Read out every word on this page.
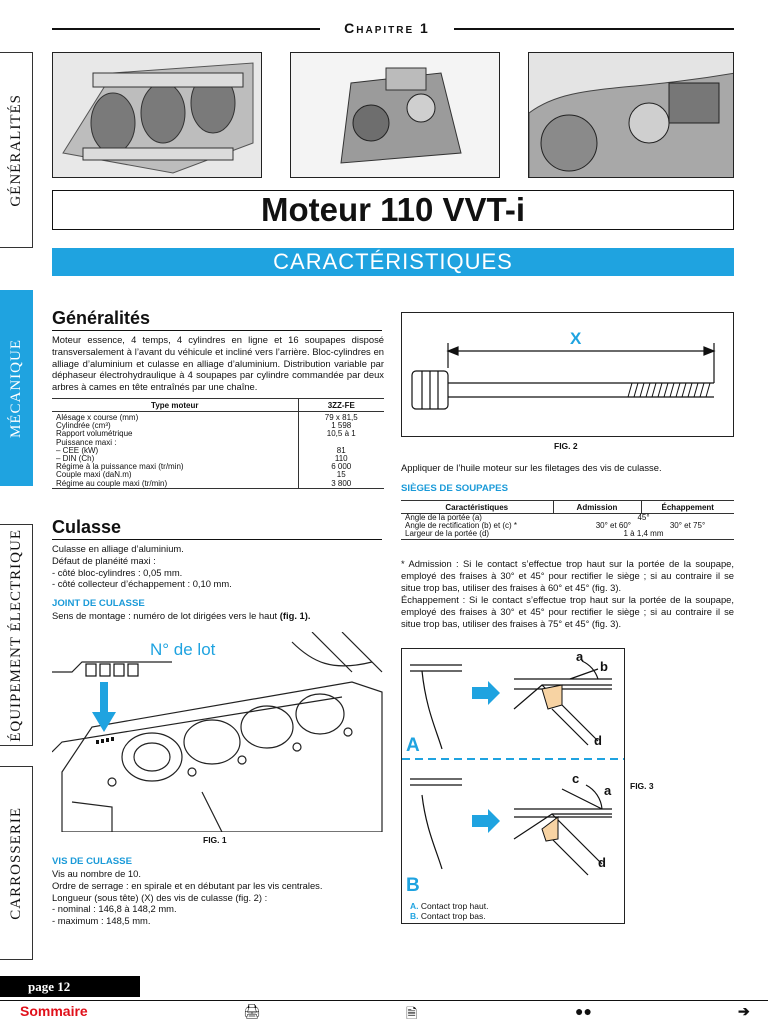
Chapitre 1
GÉNÉRALITÉS
MÉCANIQUE
ÉQUIPEMENT ÉLECTRIQUE
CARROSSERIE
Moteur 110 VVT-i
CARACTÉRISTIQUES
Généralités
Moteur essence, 4 temps, 4 cylindres en ligne et 16 soupapes disposé transversalement à l’avant du véhicule et incliné vers l’arrière. Bloc-cylindres en alliage d’aluminium et culasse en alliage d’aluminium. Distribution variable par déphaseur électrohydraulique à 4 soupapes par cylindre commandée par deux arbres à cames en tête entraînés par une chaîne.
Type moteur	3ZZ-FE
Alésage x course (mm)	79 x 81,5
Cylindrée (cm³)	1 598
Rapport volumétrique	10,5 à 1
Puissance maxi :	
– CEE (kW)	81
– DIN (Ch)	110
Régime à la puissance maxi (tr/min)	6 000
Couple maxi (daN.m)	15
Régime au couple maxi (tr/min)	3 800
Culasse
Culasse en alliage d’aluminium.
Défaut de planéité maxi :
- côté bloc-cylindres : 0,05 mm.
- côté collecteur d’échappement : 0,10 mm.
JOINT DE CULASSE
Sens de montage : numéro de lot dirigées vers le haut (fig. 1).
N° de lot
FIG. 1
VIS DE CULASSE
Vis au nombre de 10.
Ordre de serrage : en spirale et en débutant par les vis centrales.
Longueur (sous tête) (X) des vis de culasse (fig. 2) :
- nominal : 146,8 à 148,2 mm.
- maximum : 148,5 mm.
X
FIG. 2
Appliquer de l’huile moteur sur les filetages des vis de culasse.
SIÈGES DE SOUPAPES
Caractéristiques	Admission	Échappement
Angle de la portée (a)	45°	
Angle de rectification (b) et (c) *	30° et 60°	30° et 75°
Largeur de la portée (d)	1 à 1,4 mm	
* Admission : Si le contact s’effectue trop haut sur la portée de la soupape, employé des fraises à 30° et 45° pour rectifier le siège ; si au contraire il se situe trop bas, utiliser des fraises à 60° et 45° (fig. 3).
Échappement : Si le contact s’effectue trop haut sur la portée de la soupape, employé des fraises à 30° et 45° pour rectifier le siège ; si au contraire il se situe trop bas, utiliser des fraises à 75° et 45° (fig. 3).
A
B
a
b
d
c
a
d
A. Contact trop haut.
B. Contact trop bas.
FIG. 3
page 12
Sommaire	🖨	🗎	●●	➔
